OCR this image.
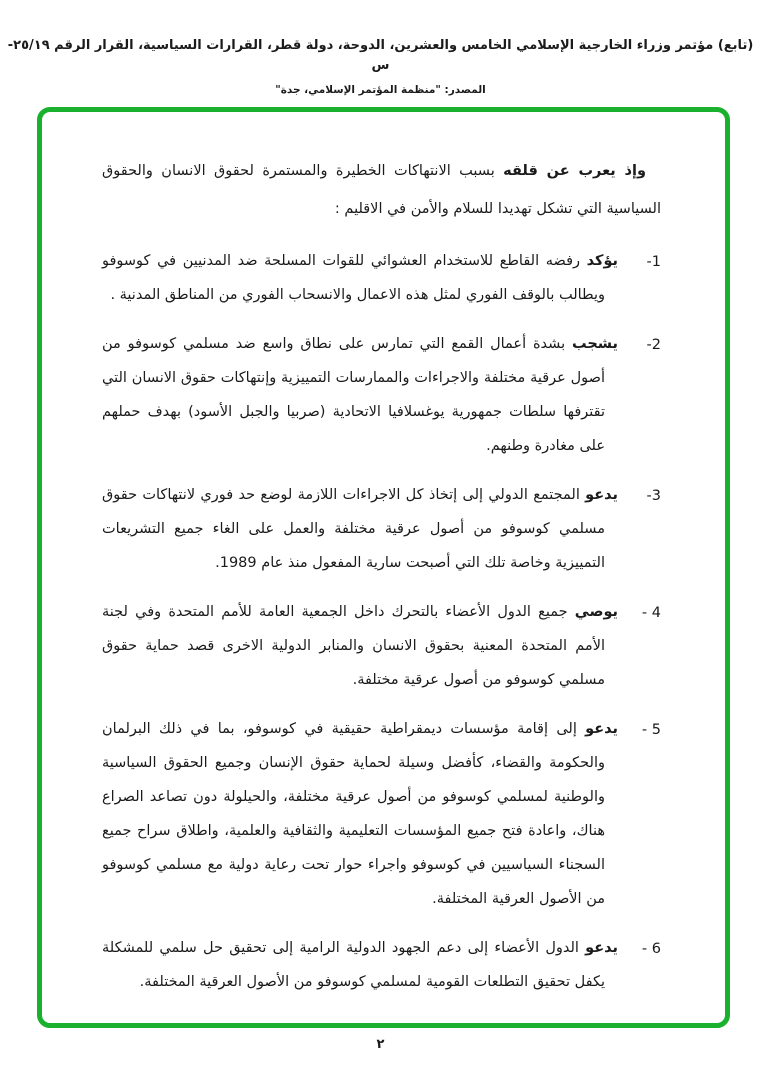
(تابع) مؤتمر وزراء الخارجية الإسلامي الخامس والعشرين، الدوحة، دولة قطر، القرارات السياسية، القرار الرقم ٢٥/١٩-س
المصدر: "منظمة المؤتمر الإسلامي، جدة"

وإذ يعرب عن قلقه بسبب الانتهاكات الخطيرة والمستمرة لحقوق الانسان والحقوق السياسية التي تشكل تهديدا للسلام والأمن في الاقليم :

-1

يؤكد رفضه القاطع للاستخدام العشوائي للقوات المسلحة ضد المدنيين في كوسوفو ويطالب بالوقف الفوري لمثل هذه الاعمال والانسحاب الفوري من المناطق المدنية .

-2

يشجب بشدة أعمال القمع التي تمارس على نطاق واسع ضد مسلمي كوسوفو من أصول عرقية مختلفة والاجراءات والممارسات التمييزية وإنتهاكات حقوق الانسان التي تقترفها سلطات جمهورية يوغسلافيا الاتحادية (صربيا والجبل الأسود) بهدف حملهم على مغادرة وطنهم.

-3

يدعو المجتمع الدولي إلى إتخاذ كل الاجراءات اللازمة لوضع حد فوري لانتهاكات حقوق مسلمي كوسوفو من أصول عرقية مختلفة والعمل على الغاء جميع التشريعات التمييزية وخاصة تلك التي أصبحت سارية المفعول منذ عام 1989.

- 4

يوصي جميع الدول الأعضاء بالتحرك داخل الجمعية العامة للأمم المتحدة وفي لجنة الأمم المتحدة المعنية بحقوق الانسان والمنابر الدولية الاخرى قصد حماية حقوق مسلمي كوسوفو من أصول عرقية مختلفة.

- 5

يدعو إلى إقامة مؤسسات ديمقراطية حقيقية في كوسوفو، بما في ذلك البرلمان والحكومة والقضاء، كأفضل وسيلة لحماية حقوق الإنسان وجميع الحقوق السياسية والوطنية لمسلمي كوسوفو من أصول عرقية مختلفة، والحيلولة دون تصاعد الصراع هناك، واعادة فتح جميع المؤسسات التعليمية والثقافية والعلمية، واطلاق سراح جميع السجناء السياسيين في كوسوفو واجراء حوار تحت رعاية دولية مع مسلمي كوسوفو من الأصول العرقية المختلفة.

- 6

يدعو الدول الأعضاء إلى دعم الجهود الدولية الرامية إلى تحقيق حل سلمي للمشكلة يكفل تحقيق التطلعات القومية لمسلمي كوسوفو من الأصول العرقية المختلفة.

٢
